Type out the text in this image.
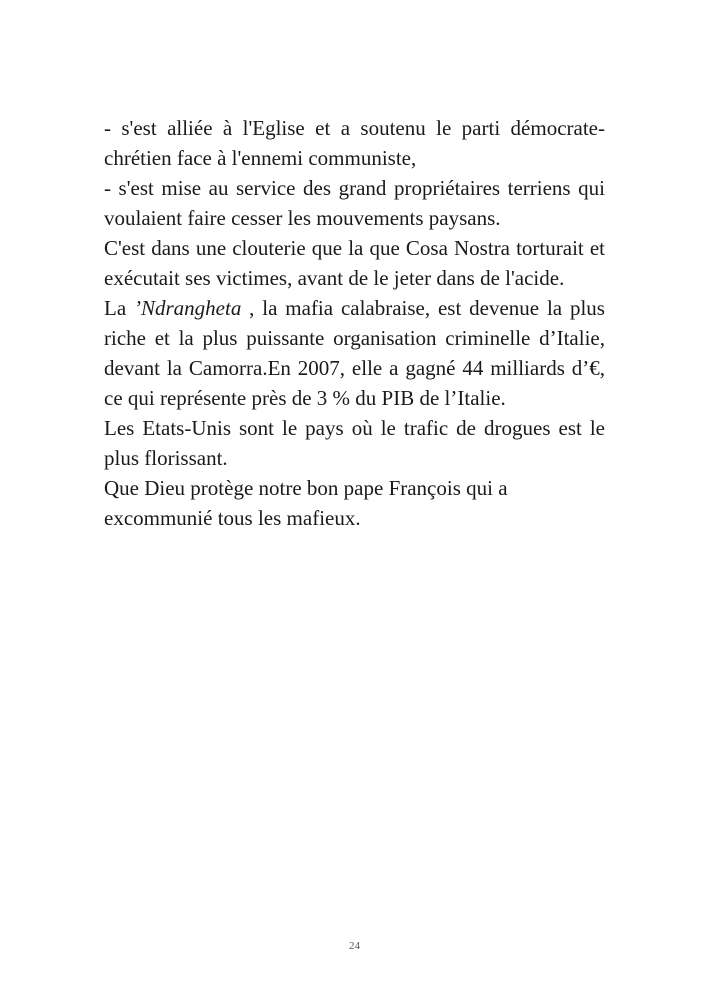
- s'est alliée à l'Eglise et a soutenu le parti démocrate-chrétien face à l'ennemi communiste,

- s'est mise au service des grand propriétaires terriens qui voulaient faire cesser les mouvements paysans.

C'est dans une clouterie que la que Cosa Nostra torturait et exécutait ses victimes, avant de le jeter dans de l'acide.

La ’Ndrangheta , la mafia calabraise, est devenue la plus riche et la plus puissante organisation criminelle d’Italie, devant la Camorra.En 2007, elle a gagné 44 milliards d’€, ce qui représente près de 3 % du PIB de l’Italie.

Les Etats-Unis sont le pays où le trafic de drogues est le plus florissant.

Que Dieu protège notre bon pape François qui a excommunié tous les mafieux.

24
